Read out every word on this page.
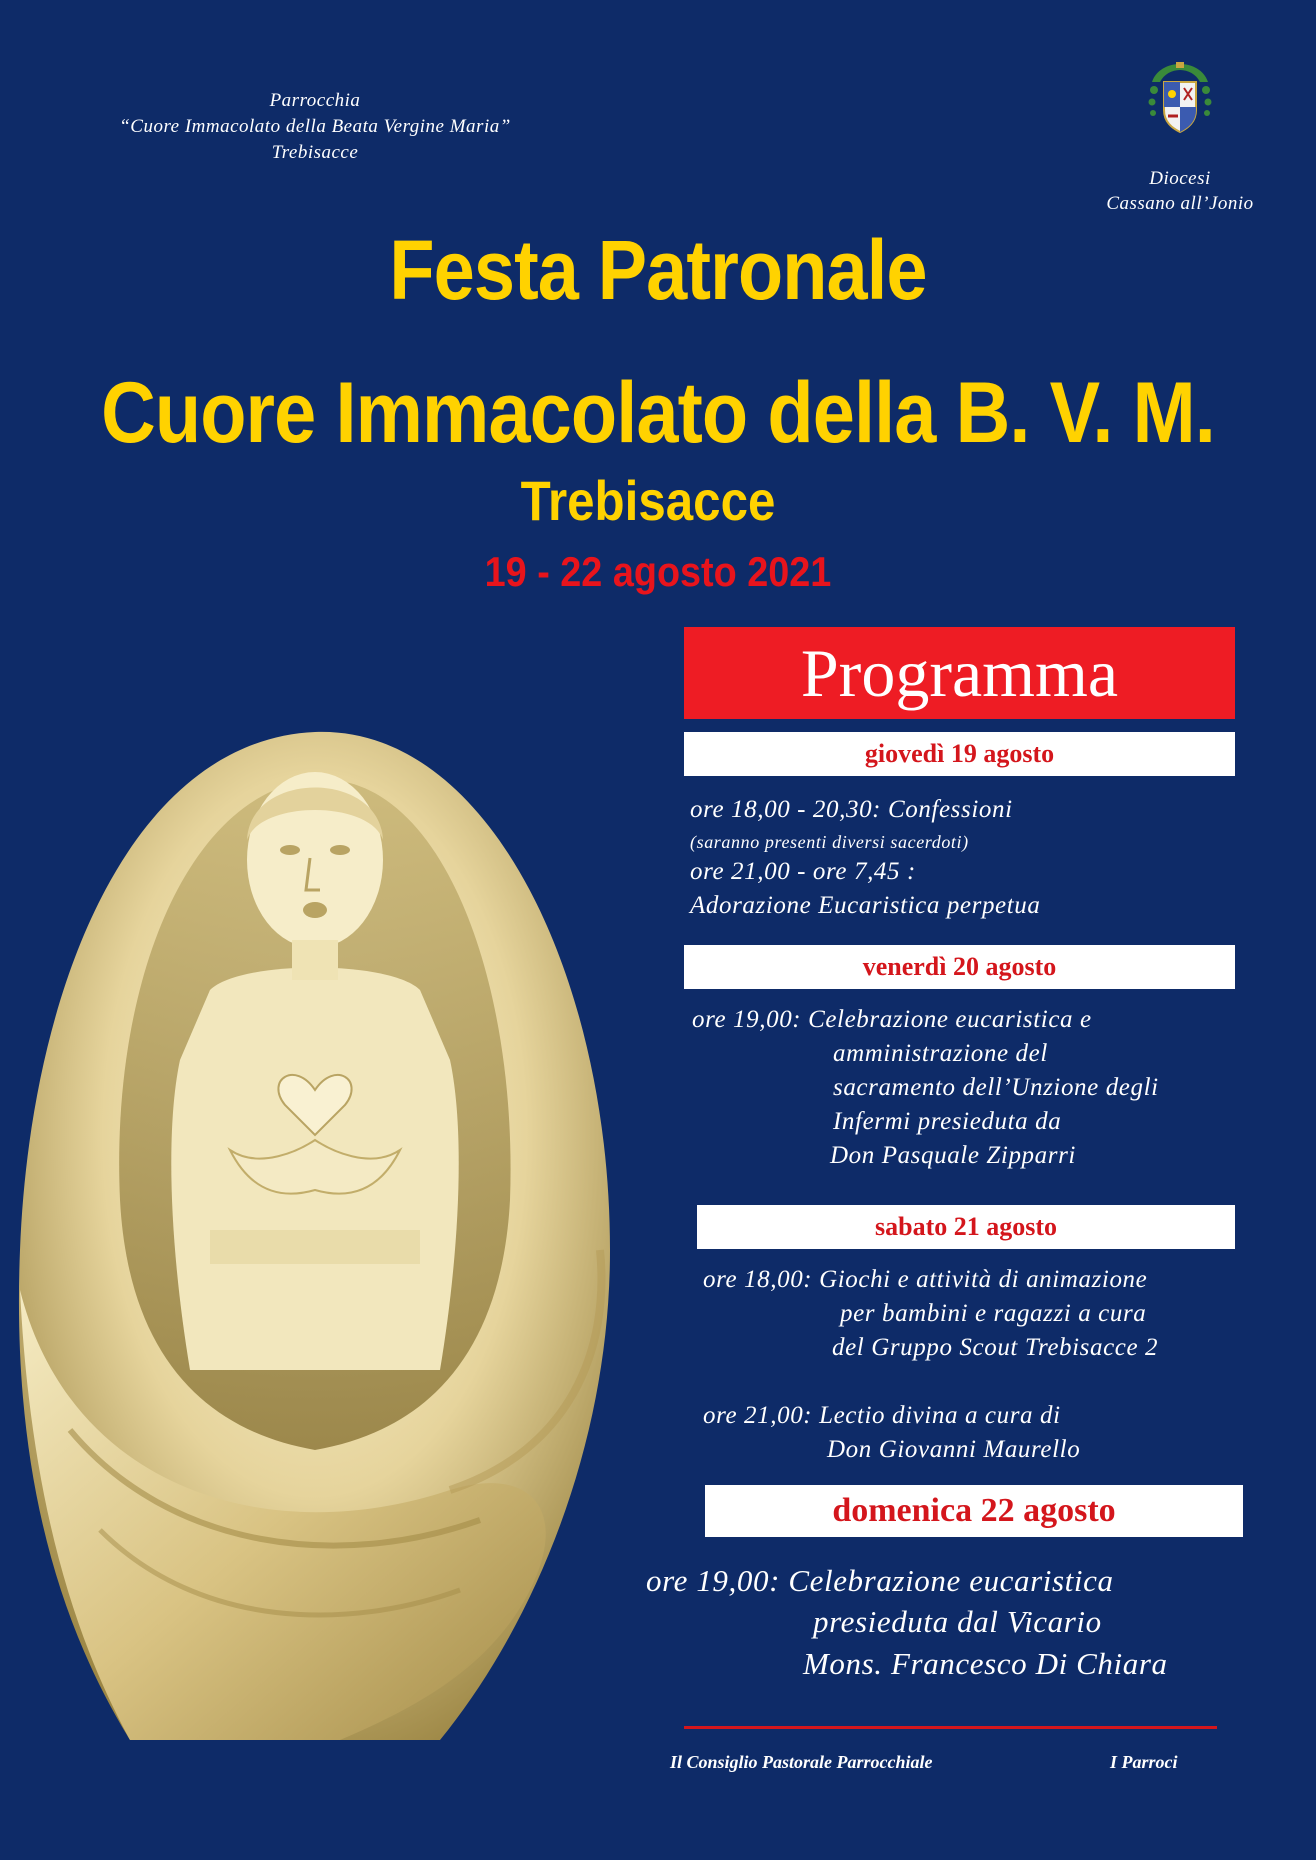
Parrocchia
“Cuore Immacolato della Beata Vergine Maria”
Trebisacce
Diocesi
Cassano all’Jonio
Festa Patronale
Cuore Immacolato della B. V. M.
Trebisacce
19 - 22 agosto 2021
Programma
giovedì 19 agosto
ore 18,00 - 20,30: Confessioni
(saranno presenti diversi sacerdoti)
ore 21,00 - ore 7,45 :
Adorazione Eucaristica perpetua
venerdì 20 agosto
ore 19,00: Celebrazione eucaristica e
amministrazione del
sacramento dell’Unzione degli
Infermi presieduta da
Don Pasquale Zipparri
sabato 21 agosto
ore 18,00: Giochi e attività di animazione
per bambini e ragazzi a cura
del Gruppo Scout Trebisacce 2
ore 21,00: Lectio divina a cura di
Don Giovanni Maurello
domenica 22 agosto
ore 19,00: Celebrazione eucaristica
presieduta dal Vicario
Mons. Francesco Di Chiara
Il Consiglio Pastorale Parrocchiale	I Parroci
